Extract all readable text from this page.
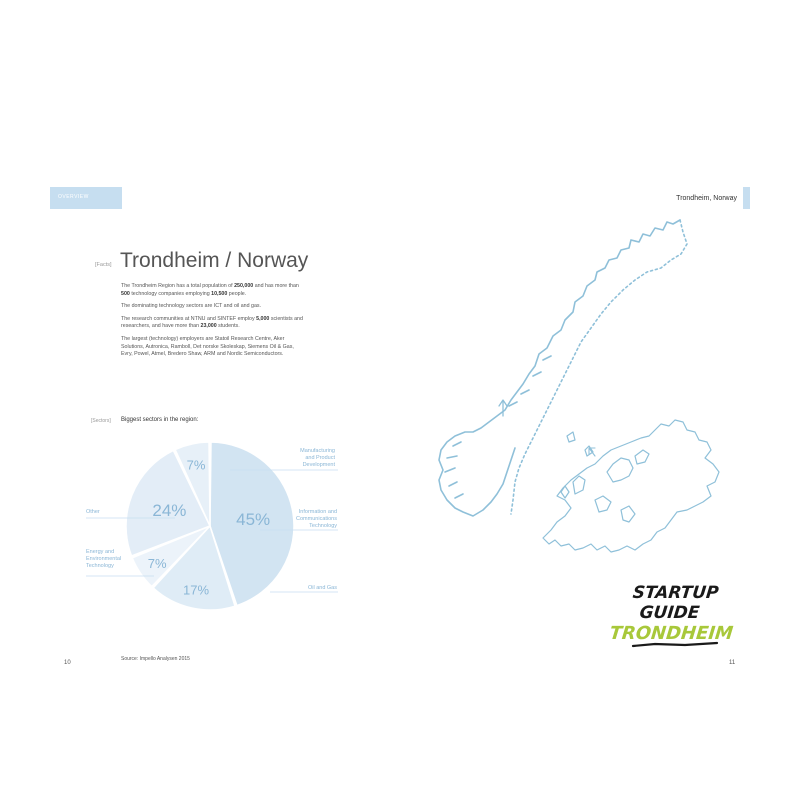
OVERVIEW	Trondheim, Norway
[Facts] Trondheim / Norway

The Trondheim Region has a total population of 250,000 and has more than 500 technology companies employing 10,500 people.

The dominating technology sectors are ICT and oil and gas.

The research communities at NTNU and SINTEF employ 5,000 scientists and researchers, and have more than 23,000 students.

The largest (technology) employers are Statoil Research Centre, Aker Solutions, Autronica, Ramboll, Det norske Skoleskap, Siemens Oil & Gas, Evry, Powel, Atmel, Bredero Shaw, ARM and Nordic Semiconductors.

[Sectors] Biggest sectors in the region:
45%
17%
7%
24%
7%
Manufacturing
and Product
Development
Information and
Communications
Technology
Oil and Gas
Energy and
Environmental
Technology
Other
Source: Impello Analysen 2015
10	11
STARTUP
GUIDE
TRONDHEIM
